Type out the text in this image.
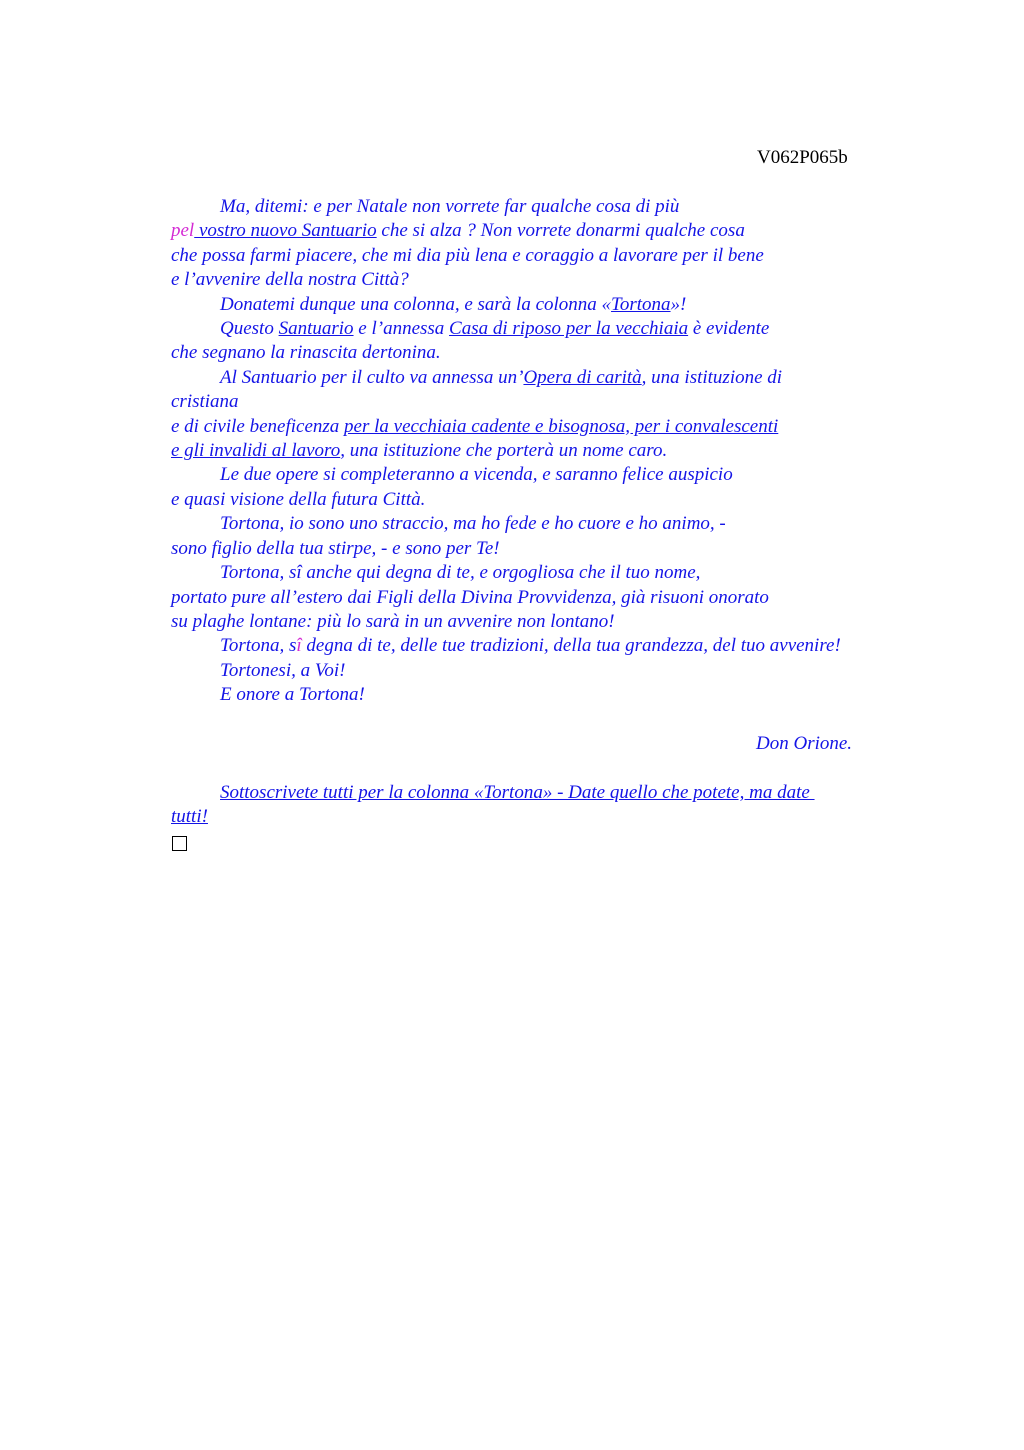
V062P065b
Ma, ditemi: e per Natale non vorrete far qualche cosa di più
pel vostro nuovo Santuario che si alza ? Non vorrete donarmi qualche cosa
che possa farmi piacere, che mi dia più lena e coraggio a lavorare per il bene
e l’avvenire della nostra Città?
Donatemi dunque una colonna, e sarà la colonna «Tortona»!
Questo Santuario e l’annessa Casa di riposo per la vecchiaia è evidente
che segnano la rinascita dertonina.
Al Santuario per il culto va annessa un’Opera di carità, una istituzione di
cristiana
e di civile beneficenza per la vecchiaia cadente e bisognosa, per i convalescenti
e gli invalidi al lavoro, una istituzione che porterà un nome caro.
Le due opere si completeranno a vicenda, e saranno felice auspicio
e quasi visione della futura Città.
Tortona, io sono uno straccio, ma ho fede e ho cuore e ho animo, -
sono figlio della tua stirpe, - e sono per Te!
Tortona, sî anche qui degna di te, e orgogliosa che il tuo nome,
portato pure all’estero dai Figli della Divina Provvidenza, già risuoni onorato
su plaghe lontane: più lo sarà in un avvenire non lontano!
Tortona, sî degna di te, delle tue tradizioni, della tua grandezza, del tuo avvenire!
Tortonesi, a Voi!
E onore a Tortona!
Don Orione.
Sottoscrivete tutti per la colonna «Tortona» - Date quello che potete, ma date
tutti!
